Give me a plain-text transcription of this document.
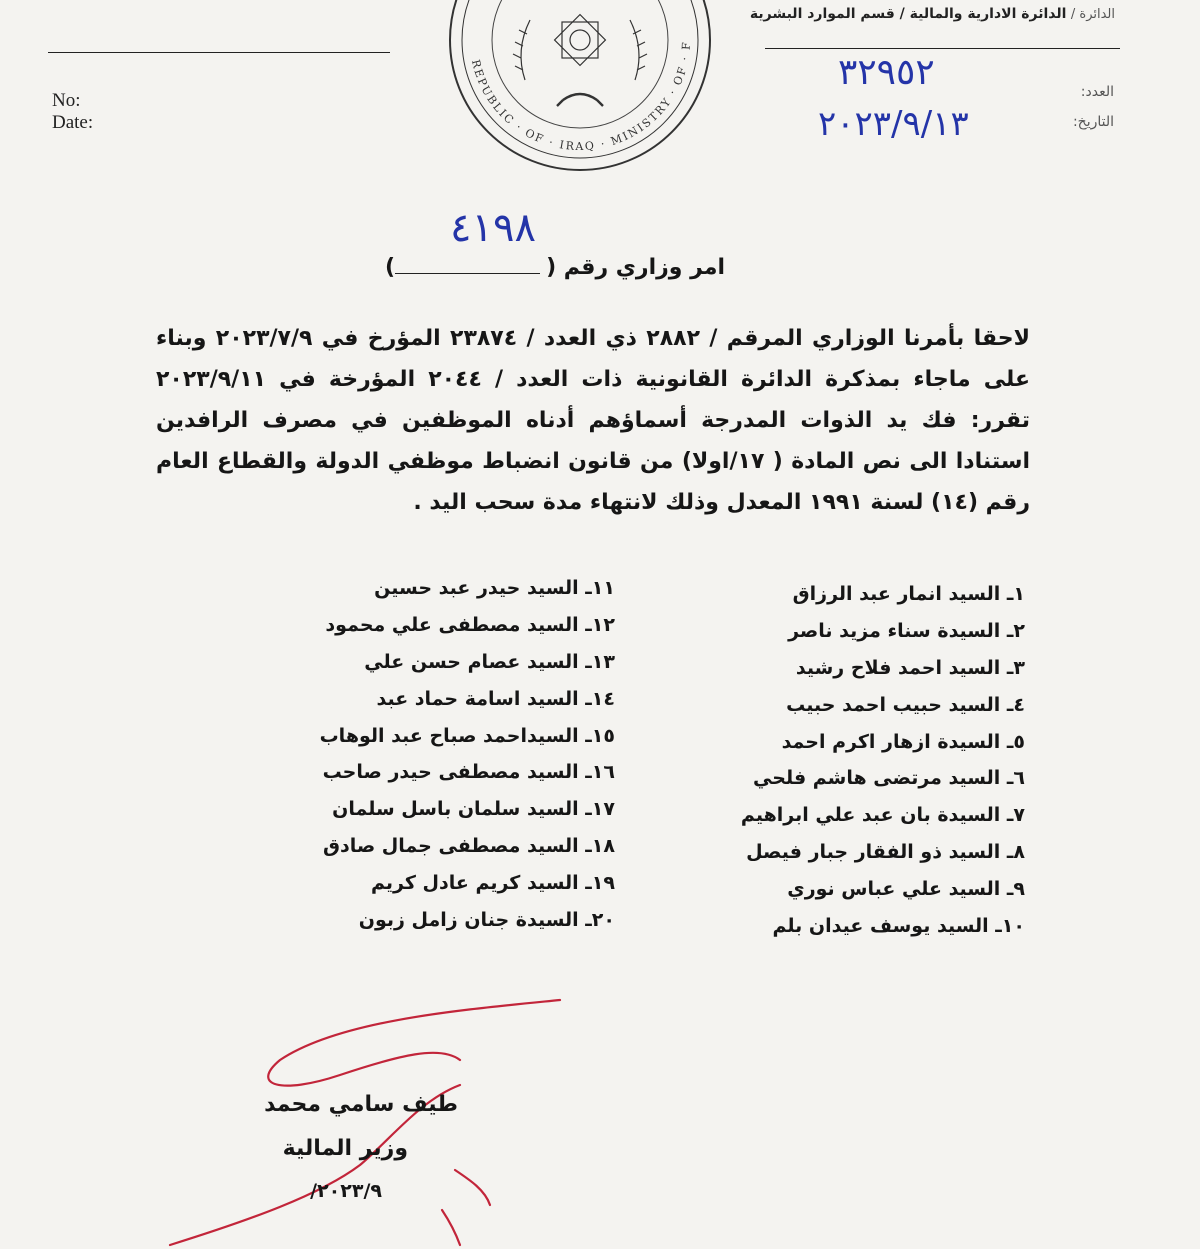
No:
Date:
REPUBLIC · OF · IRAQ · MINISTRY · OF · F
الدائرة / الدائرة الادارية والمالية / قسم الموارد البشرية
العدد:
التاريخ:
٣٢٩٥٢
٢٠٢٣/٩/١٣
امر وزاري رقم ()
٤١٩٨

لاحقا بأمرنا الوزاري المرقم / ٢٨٨٢ ذي العدد / ٢٣٨٧٤ المؤرخ في ٢٠٢٣/٧/٩ وبناء على ماجاء بمذكرة الدائرة القانونية ذات العدد / ٢٠٤٤ المؤرخة في ٢٠٢٣/٩/١١ تقرر: فك يد الذوات المدرجة أسماؤهم أدناه الموظفين في مصرف الرافدين استنادا الى نص المادة ( ١٧/اولا) من قانون انضباط موظفي الدولة والقطاع العام رقم (١٤) لسنة ١٩٩١ المعدل وذلك لانتهاء مدة سحب اليد .

١ـ السيد انمار عبد الرزاق
٢ـ السيدة سناء مزيد ناصر
٣ـ السيد احمد فلاح رشيد
٤ـ السيد حبيب احمد حبيب
٥ـ السيدة ازهار اكرم احمد
٦ـ السيد مرتضى هاشم فلحي
٧ـ السيدة بان عبد علي ابراهيم
٨ـ السيد ذو الفقار جبار فيصل
٩ـ السيد علي عباس نوري
١٠ـ السيد يوسف عيدان بلم
١١ـ السيد حيدر عبد حسين
١٢ـ السيد مصطفى علي محمود
١٣ـ السيد عصام حسن علي
١٤ـ السيد اسامة حماد عبد
١٥ـ السيداحمد صباح عبد الوهاب
١٦ـ السيد مصطفى حيدر صاحب
١٧ـ السيد سلمان باسل سلمان
١٨ـ السيد مصطفى جمال صادق
١٩ـ السيد كريم عادل كريم
٢٠ـ السيدة جنان زامل زبون
طيف سامي محمد
وزير المالية
٢٠٢٣/٩/
